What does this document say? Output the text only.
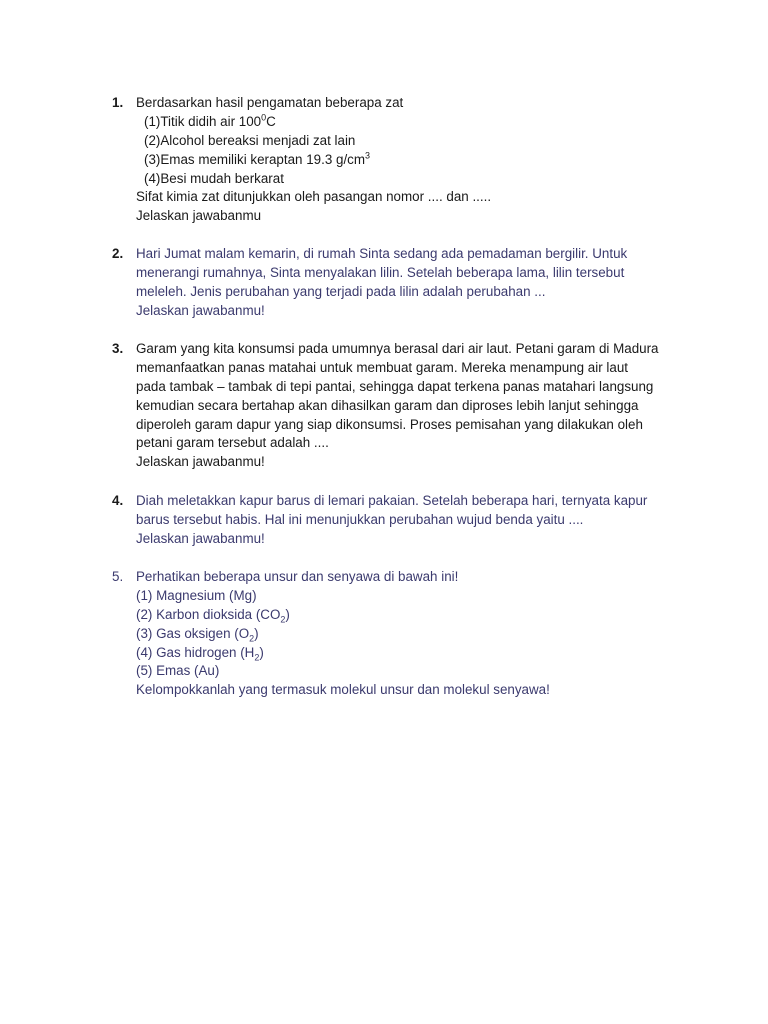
1. Berdasarkan hasil pengamatan beberapa zat
(1)Titik didih air $100^0C$
(2)Alcohol bereaksi menjadi zat lain
(3)Emas memiliki keraptan 19.3 $g/cm^3$
(4)Besi mudah berkarat
Sifat kimia zat ditunjukkan oleh pasangan nomor .... dan .....
Jelaskan jawabanmu
2. Hari Jumat malam kemarin, di rumah Sinta sedang ada pemadaman bergilir. Untuk
menerangi rumahnya, Sinta menyalakan lilin. Setelah beberapa lama, lilin tersebut
meleleh. Jenis perubahan yang terjadi pada lilin adalah perubahan ...
Jelaskan jawabanmu!
3. Garam yang kita konsumsi pada umumnya berasal dari air laut. Petani garam di Madura
memanfaatkan panas matahai untuk membuat garam. Mereka menampung air laut
pada tambak – tambak di tepi pantai, sehingga dapat terkena panas matahari langsung
kemudian secara bertahap akan dihasilkan garam dan diproses lebih lanjut sehingga
diperoleh garam dapur yang siap dikonsumsi. Proses pemisahan yang dilakukan oleh
petani garam tersebut adalah ....
Jelaskan jawabanmu!
4. Diah meletakkan kapur barus di lemari pakaian. Setelah beberapa hari, ternyata kapur
barus tersebut habis. Hal ini menunjukkan perubahan wujud benda yaitu ....
Jelaskan jawabanmu!
5. Perhatikan beberapa unsur dan senyawa di bawah ini!
(1) Magnesium (Mg)
(2) Karbon dioksida $(CO_2)$
(3) Gas oksigen $(O_2)$
(4) Gas hidrogen $(H_2)$
(5) Emas (Au)
Kelompokkanlah yang termasuk molekul unsur dan molekul senyawa!
